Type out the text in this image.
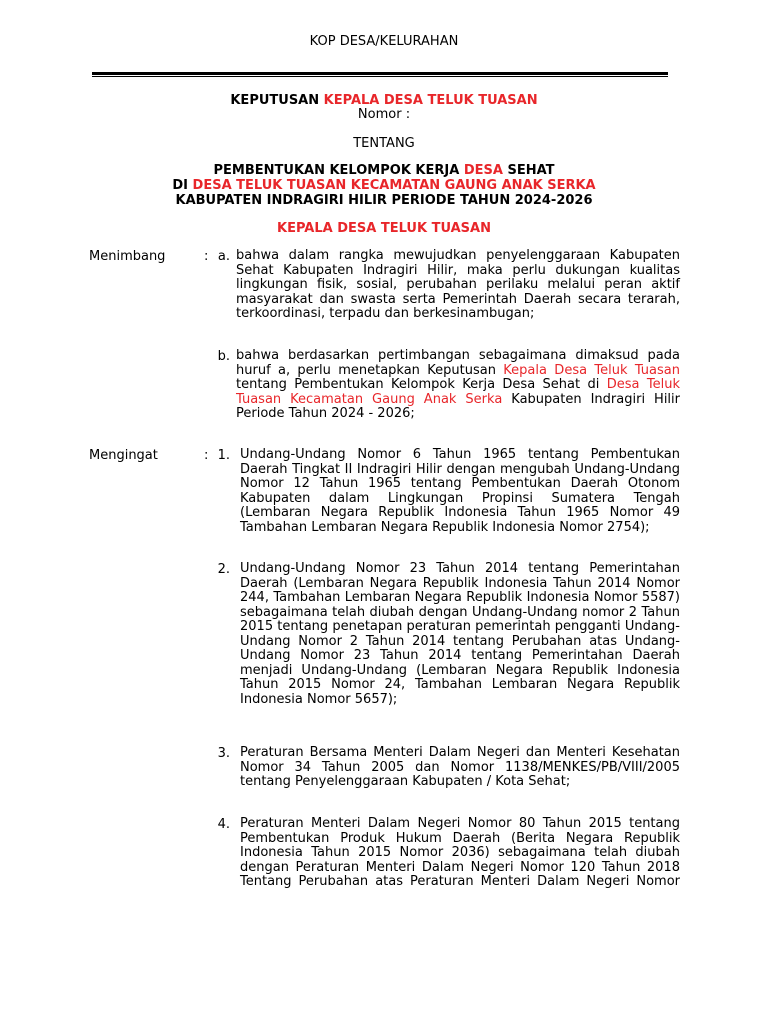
KOP DESA/KELURAHAN
KEPUTUSAN KEPALA DESA TELUK TUASAN
Nomor :
TENTANG
PEMBENTUKAN KELOMPOK KERJA DESA SEHAT
DI DESA TELUK TUASAN KECAMATAN GAUNG ANAK SERKA
KABUPATEN INDRAGIRI HILIR PERIODE TAHUN 2024-2026
KEPALA DESA TELUK TUASAN
Menimbang	: a. bahwa dalam rangka mewujudkan penyelenggaraan Kabupaten Sehat Kabupaten Indragiri Hilir, maka perlu dukungan kualitas lingkungan fisik, sosial, perubahan perilaku melalui peran aktif masyarakat dan swasta serta Pemerintah Daerah secara terarah, terkoordinasi, terpadu dan berkesinambugan;
b. bahwa berdasarkan pertimbangan sebagaimana dimaksud pada huruf a, perlu menetapkan Keputusan Kepala Desa Teluk Tuasan tentang Pembentukan Kelompok Kerja Desa Sehat di Desa Teluk Tuasan Kecamatan Gaung Anak Serka Kabupaten Indragiri Hilir Periode Tahun 2024 - 2026;
Mengingat	: 1. Undang-Undang Nomor 6 Tahun 1965 tentang Pembentukan Daerah Tingkat II Indragiri Hilir dengan mengubah Undang-Undang Nomor 12 Tahun 1965 tentang Pembentukan Daerah Otonom Kabupaten dalam Lingkungan Propinsi Sumatera Tengah (Lembaran Negara Republik Indonesia Tahun 1965 Nomor 49 Tambahan Lembaran Negara Republik Indonesia Nomor 2754);
2. Undang-Undang Nomor 23 Tahun 2014 tentang Pemerintahan Daerah (Lembaran Negara Republik Indonesia Tahun 2014 Nomor 244, Tambahan Lembaran Negara Republik Indonesia Nomor 5587) sebagaimana telah diubah dengan Undang-Undang nomor 2 Tahun 2015 tentang penetapan peraturan pemerintah pengganti Undang-Undang Nomor 2 Tahun 2014 tentang Perubahan atas Undang-Undang Nomor 23 Tahun 2014 tentang Pemerintahan Daerah menjadi Undang-Undang (Lembaran Negara Republik Indonesia Tahun 2015 Nomor 24, Tambahan Lembaran Negara Republik Indonesia Nomor 5657);
3. Peraturan Bersama Menteri Dalam Negeri dan Menteri Kesehatan Nomor 34 Tahun 2005 dan Nomor 1138/MENKES/PB/VIII/2005 tentang Penyelenggaraan Kabupaten / Kota Sehat;
4. Peraturan Menteri Dalam Negeri Nomor 80 Tahun 2015 tentang Pembentukan Produk Hukum Daerah (Berita Negara Republik Indonesia Tahun 2015 Nomor 2036) sebagaimana telah diubah dengan Peraturan Menteri Dalam Negeri Nomor 120 Tahun 2018 Tentang Perubahan atas Peraturan Menteri Dalam Negeri Nomor
